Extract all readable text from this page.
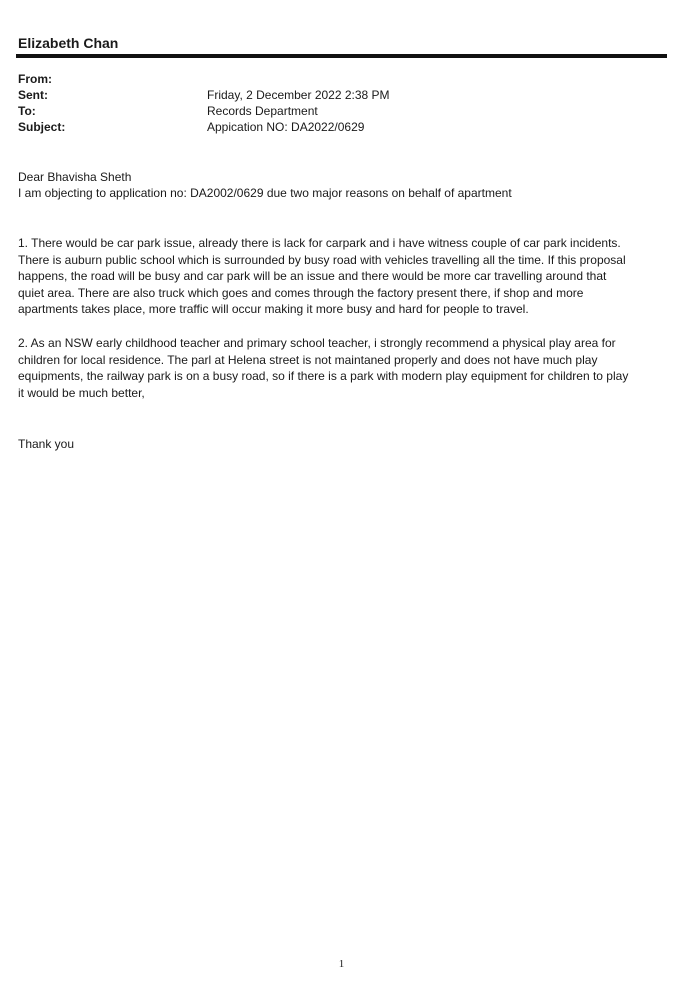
Elizabeth Chan
From:
Sent:	Friday, 2 December 2022 2:38 PM
To:	Records Department
Subject:	Appication NO: DA2022/0629
Dear Bhavisha Sheth
I am objecting to application no: DA2002/0629 due two major reasons on behalf of apartment
1. There would be car park issue, already there is lack for carpark and i have witness couple of car park incidents.
There is auburn public school which is surrounded by busy road with vehicles travelling all the time. If this proposal
happens, the road will be busy and car park will be an issue and there would be more car travelling around that
quiet area. There are also truck which goes and comes through the factory present there, if shop and more
apartments takes place, more traffic will occur making it more busy and hard for people to travel.
2. As an NSW early childhood teacher and primary school teacher, i strongly recommend a physical play area for
children for local residence. The parl at Helena street is not maintaned properly and does not have much play
equipments, the railway park is on a busy road, so if there is a park with modern play equipment for children to play
it would be much better,
Thank you
1
